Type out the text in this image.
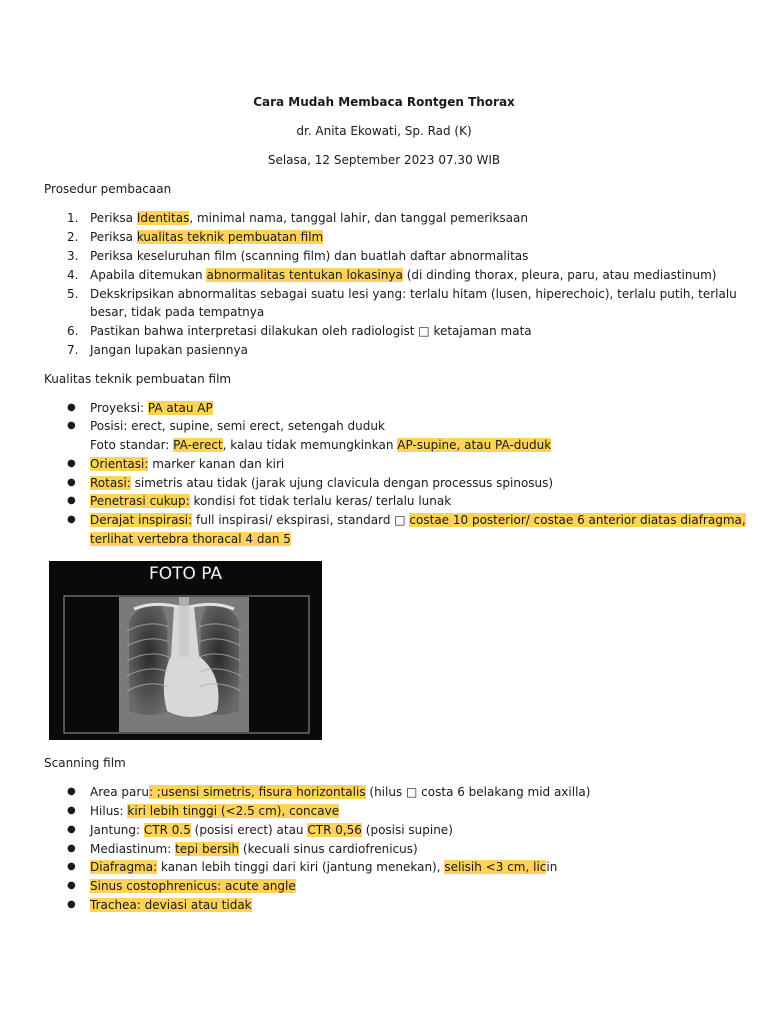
Cara Mudah Membaca Rontgen Thorax
dr. Anita Ekowati, Sp. Rad (K)
Selasa, 12 September 2023 07.30 WIB
Prosedur pembacaan
1. Periksa Identitas, minimal nama, tanggal lahir, dan tanggal pemeriksaan
2. Periksa kualitas teknik pembuatan film
3. Periksa keseluruhan film (scanning film) dan buatlah daftar abnormalitas
4. Apabila ditemukan abnormalitas tentukan lokasinya (di dinding thorax, pleura, paru, atau mediastinum)
5. Dekskripsikan abnormalitas sebagai suatu lesi yang: terlalu hitam (lusen, hiperechoic), terlalu putih, terlalu
besar, tidak pada tempatnya
6. Pastikan bahwa interpretasi dilakukan oleh radiologist □ ketajaman mata
7. Jangan lupakan pasiennya
Kualitas teknik pembuatan film
● Proyeksi: PA atau AP
● Posisi: erect, supine, semi erect, setengah duduk
Foto standar: PA-erect, kalau tidak memungkinkan AP-supine, atau PA-duduk
● Orientasi: marker kanan dan kiri
● Rotasi: simetris atau tidak (jarak ujung clavicula dengan processus spinosus)
● Penetrasi cukup: kondisi fot tidak terlalu keras/ terlalu lunak
● Derajat inspirasi: full inspirasi/ ekspirasi, standard □ costae 10 posterior/ costae 6 anterior diatas diafragma,
terlihat vertebra thoracal 4 dan 5
FOTO PA
Scanning film
● Area paru: ;usensi simetris, fisura horizontalis (hilus □ costa 6 belakang mid axilla)
● Hilus: kiri lebih tinggi (<2.5 cm), concave
● Jantung: CTR 0.5 (posisi erect) atau CTR 0,56 (posisi supine)
● Mediastinum: tepi bersih (kecuali sinus cardiofrenicus)
● Diafragma: kanan lebih tinggi dari kiri (jantung menekan), selisih <3 cm, licin
● Sinus costophrenicus: acute angle
● Trachea: deviasi atau tidak
